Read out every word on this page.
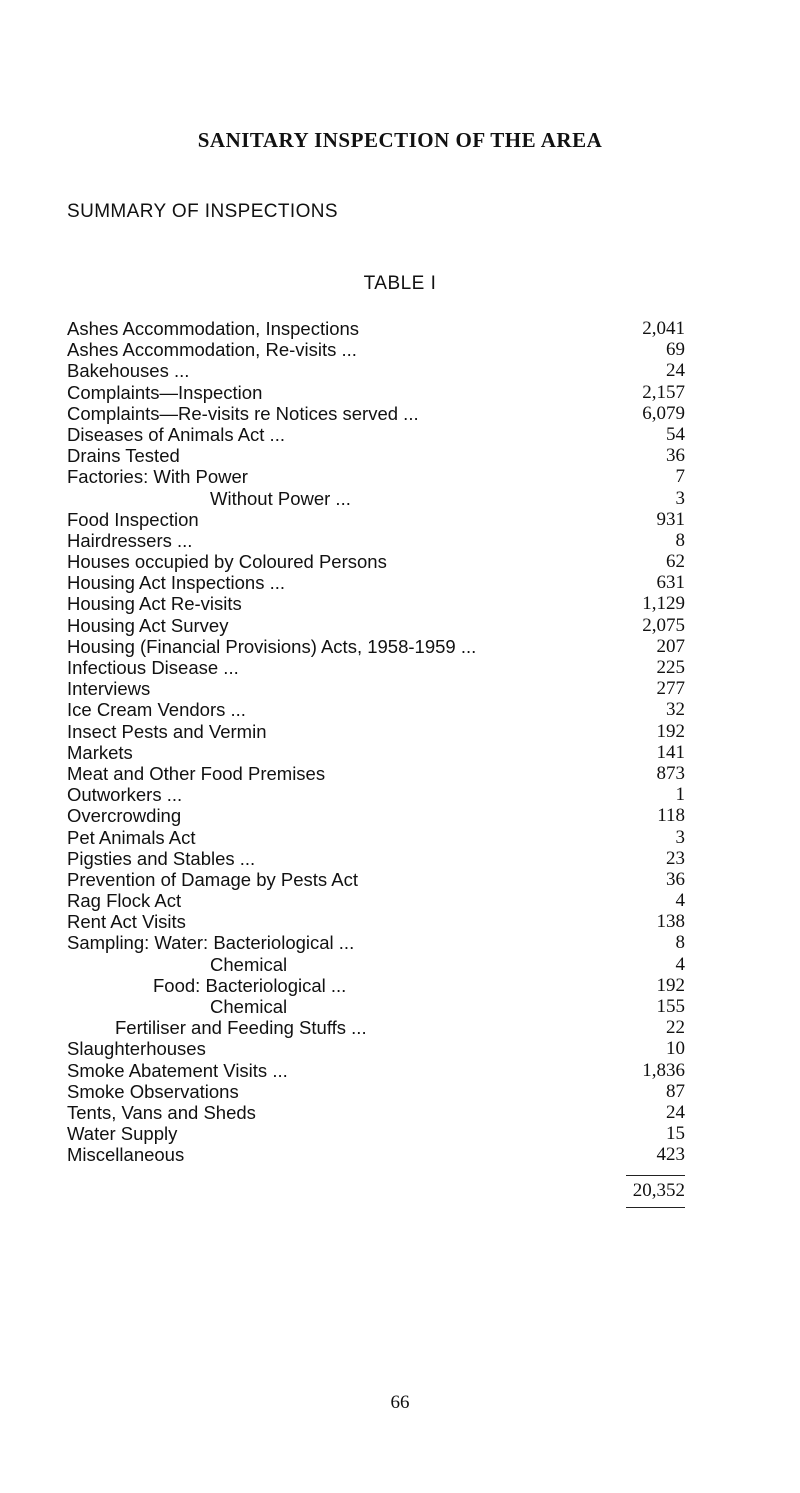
SANITARY INSPECTION OF THE AREA
SUMMARY OF INSPECTIONS
TABLE I
Ashes Accommodation, Inspections	2,041
Ashes Accommodation, Re-visits ...	69
Bakehouses ...	24
Complaints—Inspection	2,157
Complaints—Re-visits re Notices served ...	6,079
Diseases of Animals Act ...	54
Drains Tested	36
Factories: With Power	7
Without Power ...	3
Food Inspection	931
Hairdressers ...	8
Houses occupied by Coloured Persons	62
Housing Act Inspections ...	631
Housing Act Re-visits	1,129
Housing Act Survey	2,075
Housing (Financial Provisions) Acts, 1958-1959 ...	207
Infectious Disease ...	225
Interviews	277
Ice Cream Vendors ...	32
Insect Pests and Vermin	192
Markets	141
Meat and Other Food Premises	873
Outworkers ...	1
Overcrowding	118
Pet Animals Act	3
Pigsties and Stables ...	23
Prevention of Damage by Pests Act	36
Rag Flock Act	4
Rent Act Visits	138
Sampling: Water: Bacteriological ...	8
Chemical	4
Food: Bacteriological ...	192
Chemical	155
Fertiliser and Feeding Stuffs ...	22
Slaughterhouses	10
Smoke Abatement Visits ...	1,836
Smoke Observations	87
Tents, Vans and Sheds	24
Water Supply	15
Miscellaneous	423
20,352
66
